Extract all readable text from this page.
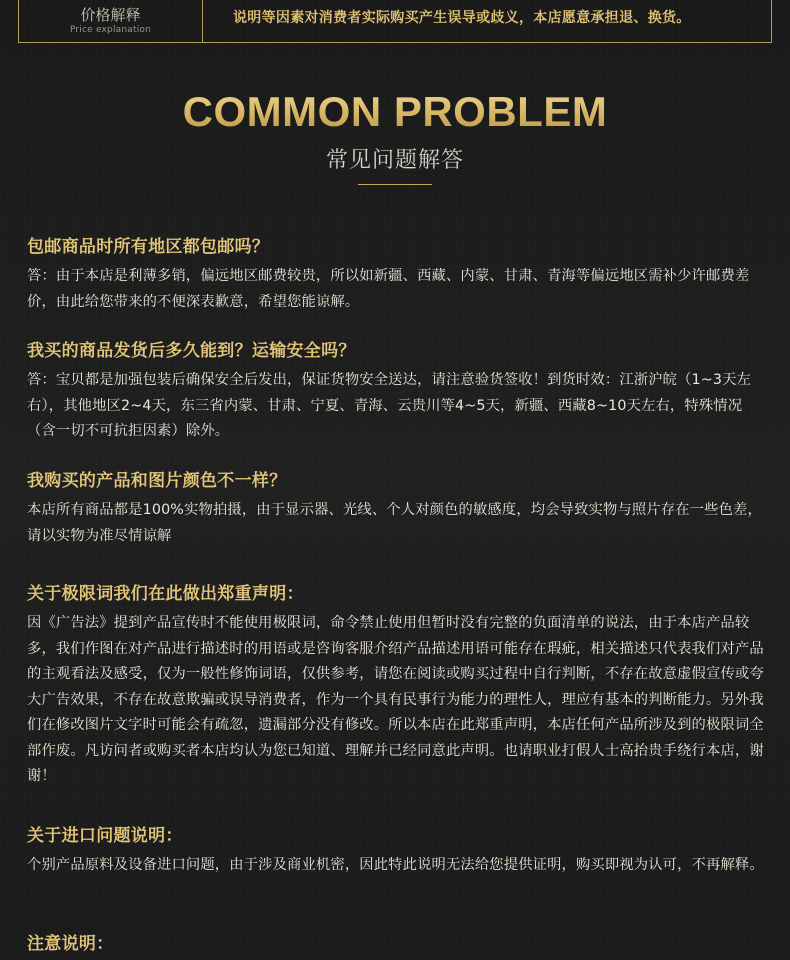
价格解释
Price explanation
说明等因素对消费者实际购买产生误导或歧义，本店愿意承担退、换货。
COMMON PROBLEM
常见问题解答

包邮商品时所有地区都包邮吗？

答：由于本店是利薄多销，偏远地区邮费较贵，所以如新疆、西藏、内蒙、甘肃、青海等偏远地区需补少许邮费差价，由此给您带来的不便深表歉意，希望您能谅解。

我买的商品发货后多久能到？运输安全吗？

答：宝贝都是加强包装后确保安全后发出，保证货物安全送达，请注意验货签收！到货时效：江浙沪皖（1~3天左右），其他地区2~4天，东三省内蒙、甘肃、宁夏、青海、云贵川等4~5天，新疆、西藏8~10天左右，特殊情况（含一切不可抗拒因素）除外。

我购买的产品和图片颜色不一样？

本店所有商品都是100%实物拍摄，由于显示器、光线、个人对颜色的敏感度，均会导致实物与照片存在一些色差，请以实物为准尽情谅解

关于极限词我们在此做出郑重声明：

因《广告法》提到产品宣传时不能使用极限词，命令禁止使用但暂时没有完整的负面清单的说法，由于本店产品较多，我们作图在对产品进行描述时的用语或是咨询客服介绍产品描述用语可能存在瑕疵，相关描述只代表我们对产品的主观看法及感受，仅为一般性修饰词语，仅供参考，请您在阅读或购买过程中自行判断，不存在故意虚假宣传或夸大广告效果，不存在故意欺骗或误导消费者，作为一个具有民事行为能力的理性人，理应有基本的判断能力。另外我们在修改图片文字时可能会有疏忽，遗漏部分没有修改。所以本店在此郑重声明，本店任何产品所涉及到的极限词全部作废。凡访问者或购买者本店均认为您已知道、理解并已经同意此声明。也请职业打假人士高抬贵手绕行本店，谢谢！

关于进口问题说明：

个别产品原料及设备进口问题，由于涉及商业机密，因此特此说明无法给您提供证明，购买即视为认可，不再解释。

注意说明：
